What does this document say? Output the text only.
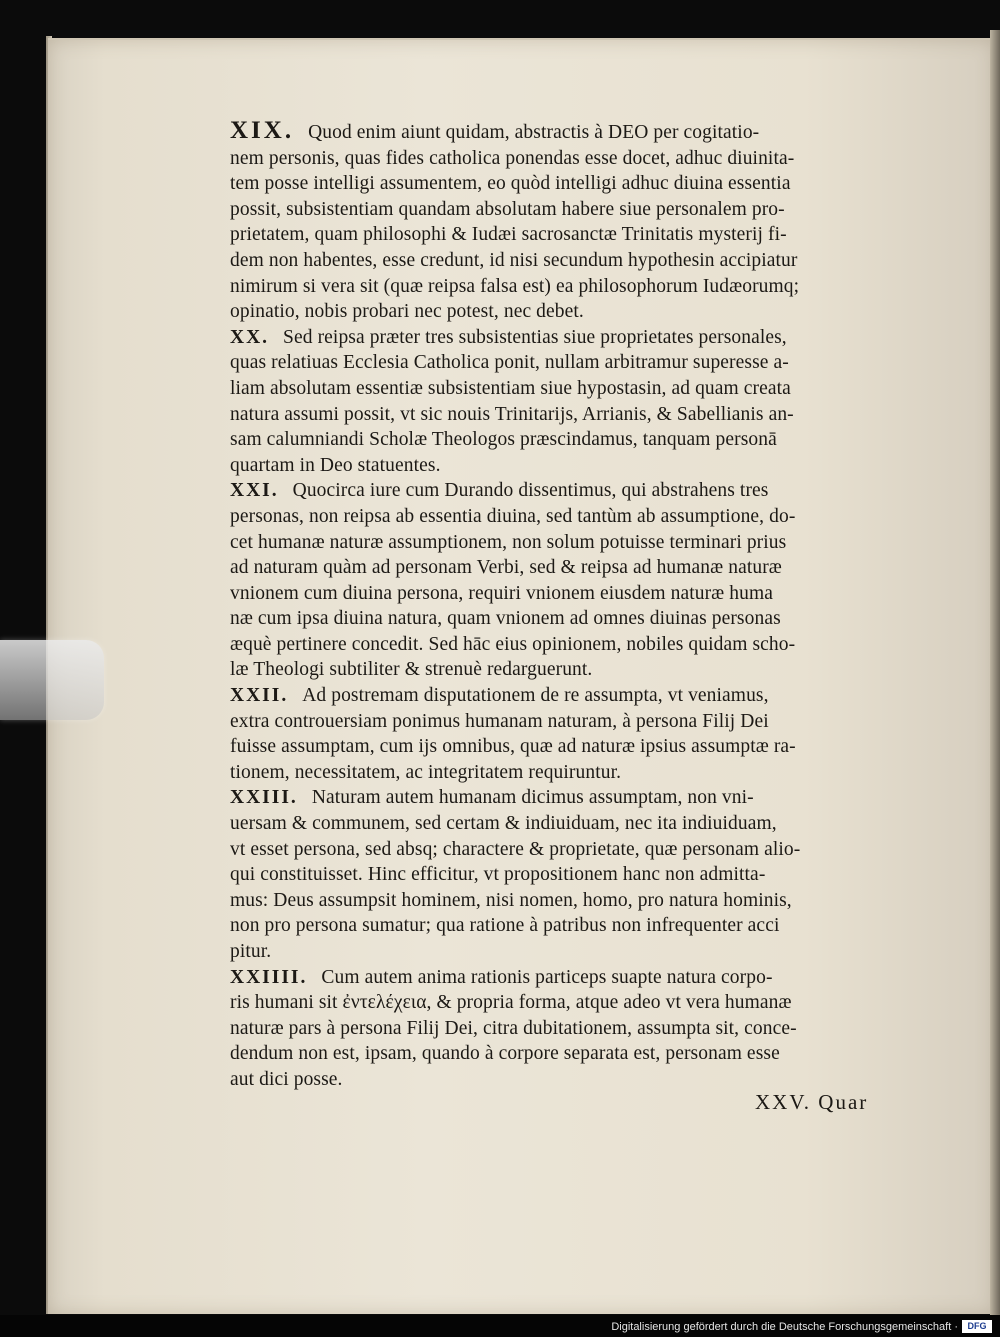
XIX. Quod enim aiunt quidam, abstractis à DEO per cogitatio-
nem personis, quas fides catholica ponendas esse docet, adhuc diuinita-
tem posse intelligi assumentem, eo quòd intelligi adhuc diuina essentia
possit, subsistentiam quandam absolutam habere siue personalem pro-
prietatem, quam philosophi & Iudæi sacrosanctæ Trinitatis mysterij fi-
dem non habentes, esse credunt, id nisi secundum hypothesin accipiatur
nimirum si vera sit (quæ reipsa falsa est) ea philosophorum Iudæorumq;
opinatio, nobis probari nec potest, nec debet.
XX. Sed reipsa præter tres subsistentias siue proprietates personales,
quas relatiuas Ecclesia Catholica ponit, nullam arbitramur superesse a-
liam absolutam essentiæ subsistentiam siue hypostasin, ad quam creata
natura assumi possit, vt sic nouis Trinitarijs, Arrianis, & Sabellianis an-
sam calumniandi Scholæ Theologos præscindamus, tanquam personā
quartam in Deo statuentes.
XXI. Quocirca iure cum Durando dissentimus, qui abstrahens tres
personas, non reipsa ab essentia diuina, sed tantùm ab assumptione, do-
cet humanæ naturæ assumptionem, non solum potuisse terminari prius
ad naturam quàm ad personam Verbi, sed & reipsa ad humanæ naturæ
vnionem cum diuina persona, requiri vnionem eiusdem naturæ huma
næ cum ipsa diuina natura, quam vnionem ad omnes diuinas personas
æquè pertinere concedit. Sed hāc eius opinionem, nobiles quidam scho-
læ Theologi subtiliter & strenuè redarguerunt.
XXII. Ad postremam disputationem de re assumpta, vt veniamus,
extra controuersiam ponimus humanam naturam, à persona Filij Dei
fuisse assumptam, cum ijs omnibus, quæ ad naturæ ipsius assumptæ ra-
tionem, necessitatem, ac integritatem requiruntur.
XXIII. Naturam autem humanam dicimus assumptam, non vni-
uersam & communem, sed certam & indiuiduam, nec ita indiuiduam,
vt esset persona, sed absq; charactere & proprietate, quæ personam alio-
qui constituisset. Hinc efficitur, vt propositionem hanc non admitta-
mus: Deus assumpsit hominem, nisi nomen, homo, pro natura hominis,
non pro persona sumatur; qua ratione à patribus non infrequenter acci
pitur.
XXIIII. Cum autem anima rationis particeps suapte natura corpo-
ris humani sit ἐντελέχεια, & propria forma, atque adeo vt vera humanæ
naturæ pars à persona Filij Dei, citra dubitationem, assumpta sit, conce-
dendum non est, ipsam, quando à corpore separata est, personam esse
aut dici posse.
XXV. Quar
Digitalisierung gefördert durch die Deutsche Forschungsgemeinschaft ·	DFG
